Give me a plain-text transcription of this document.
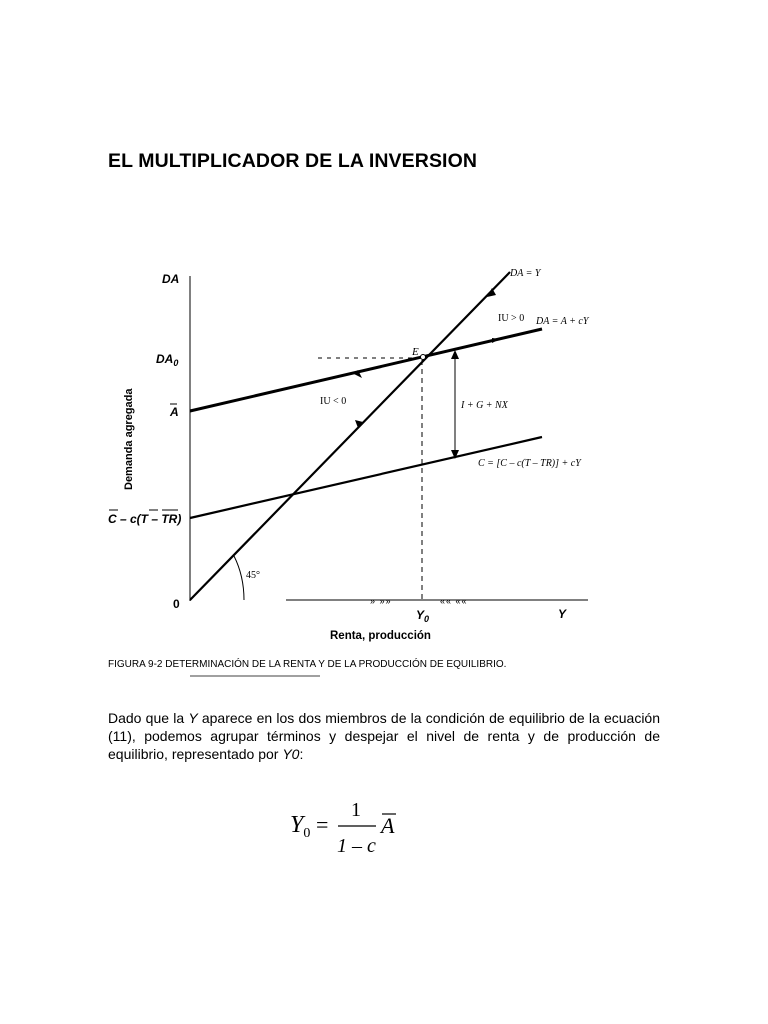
EL MULTIPLICADOR DE LA INVERSION
» »»	«« ««
E
45°
DA
0
Y
$DA_0$
A
C – c(T – TR)
$Y_0$
Demanda agregada
Renta, producción
DA = Y
DA = A + cY
C = [C – c(T – TR)] + cY
I + G + NX
IU > 0
IU < 0
FIGURA 9-2 DETERMINACIÓN DE LA RENTA Y DE LA PRODUCCIÓN DE EQUILIBRIO.

Dado que la Y aparece en los dos miembros de la condición de equilibrio de la ecuación (11), podemos agrupar términos y despejar el nivel de renta y de producción de equilibrio, representado por Y0:

$Y_0$ =
1
1 – c
A
